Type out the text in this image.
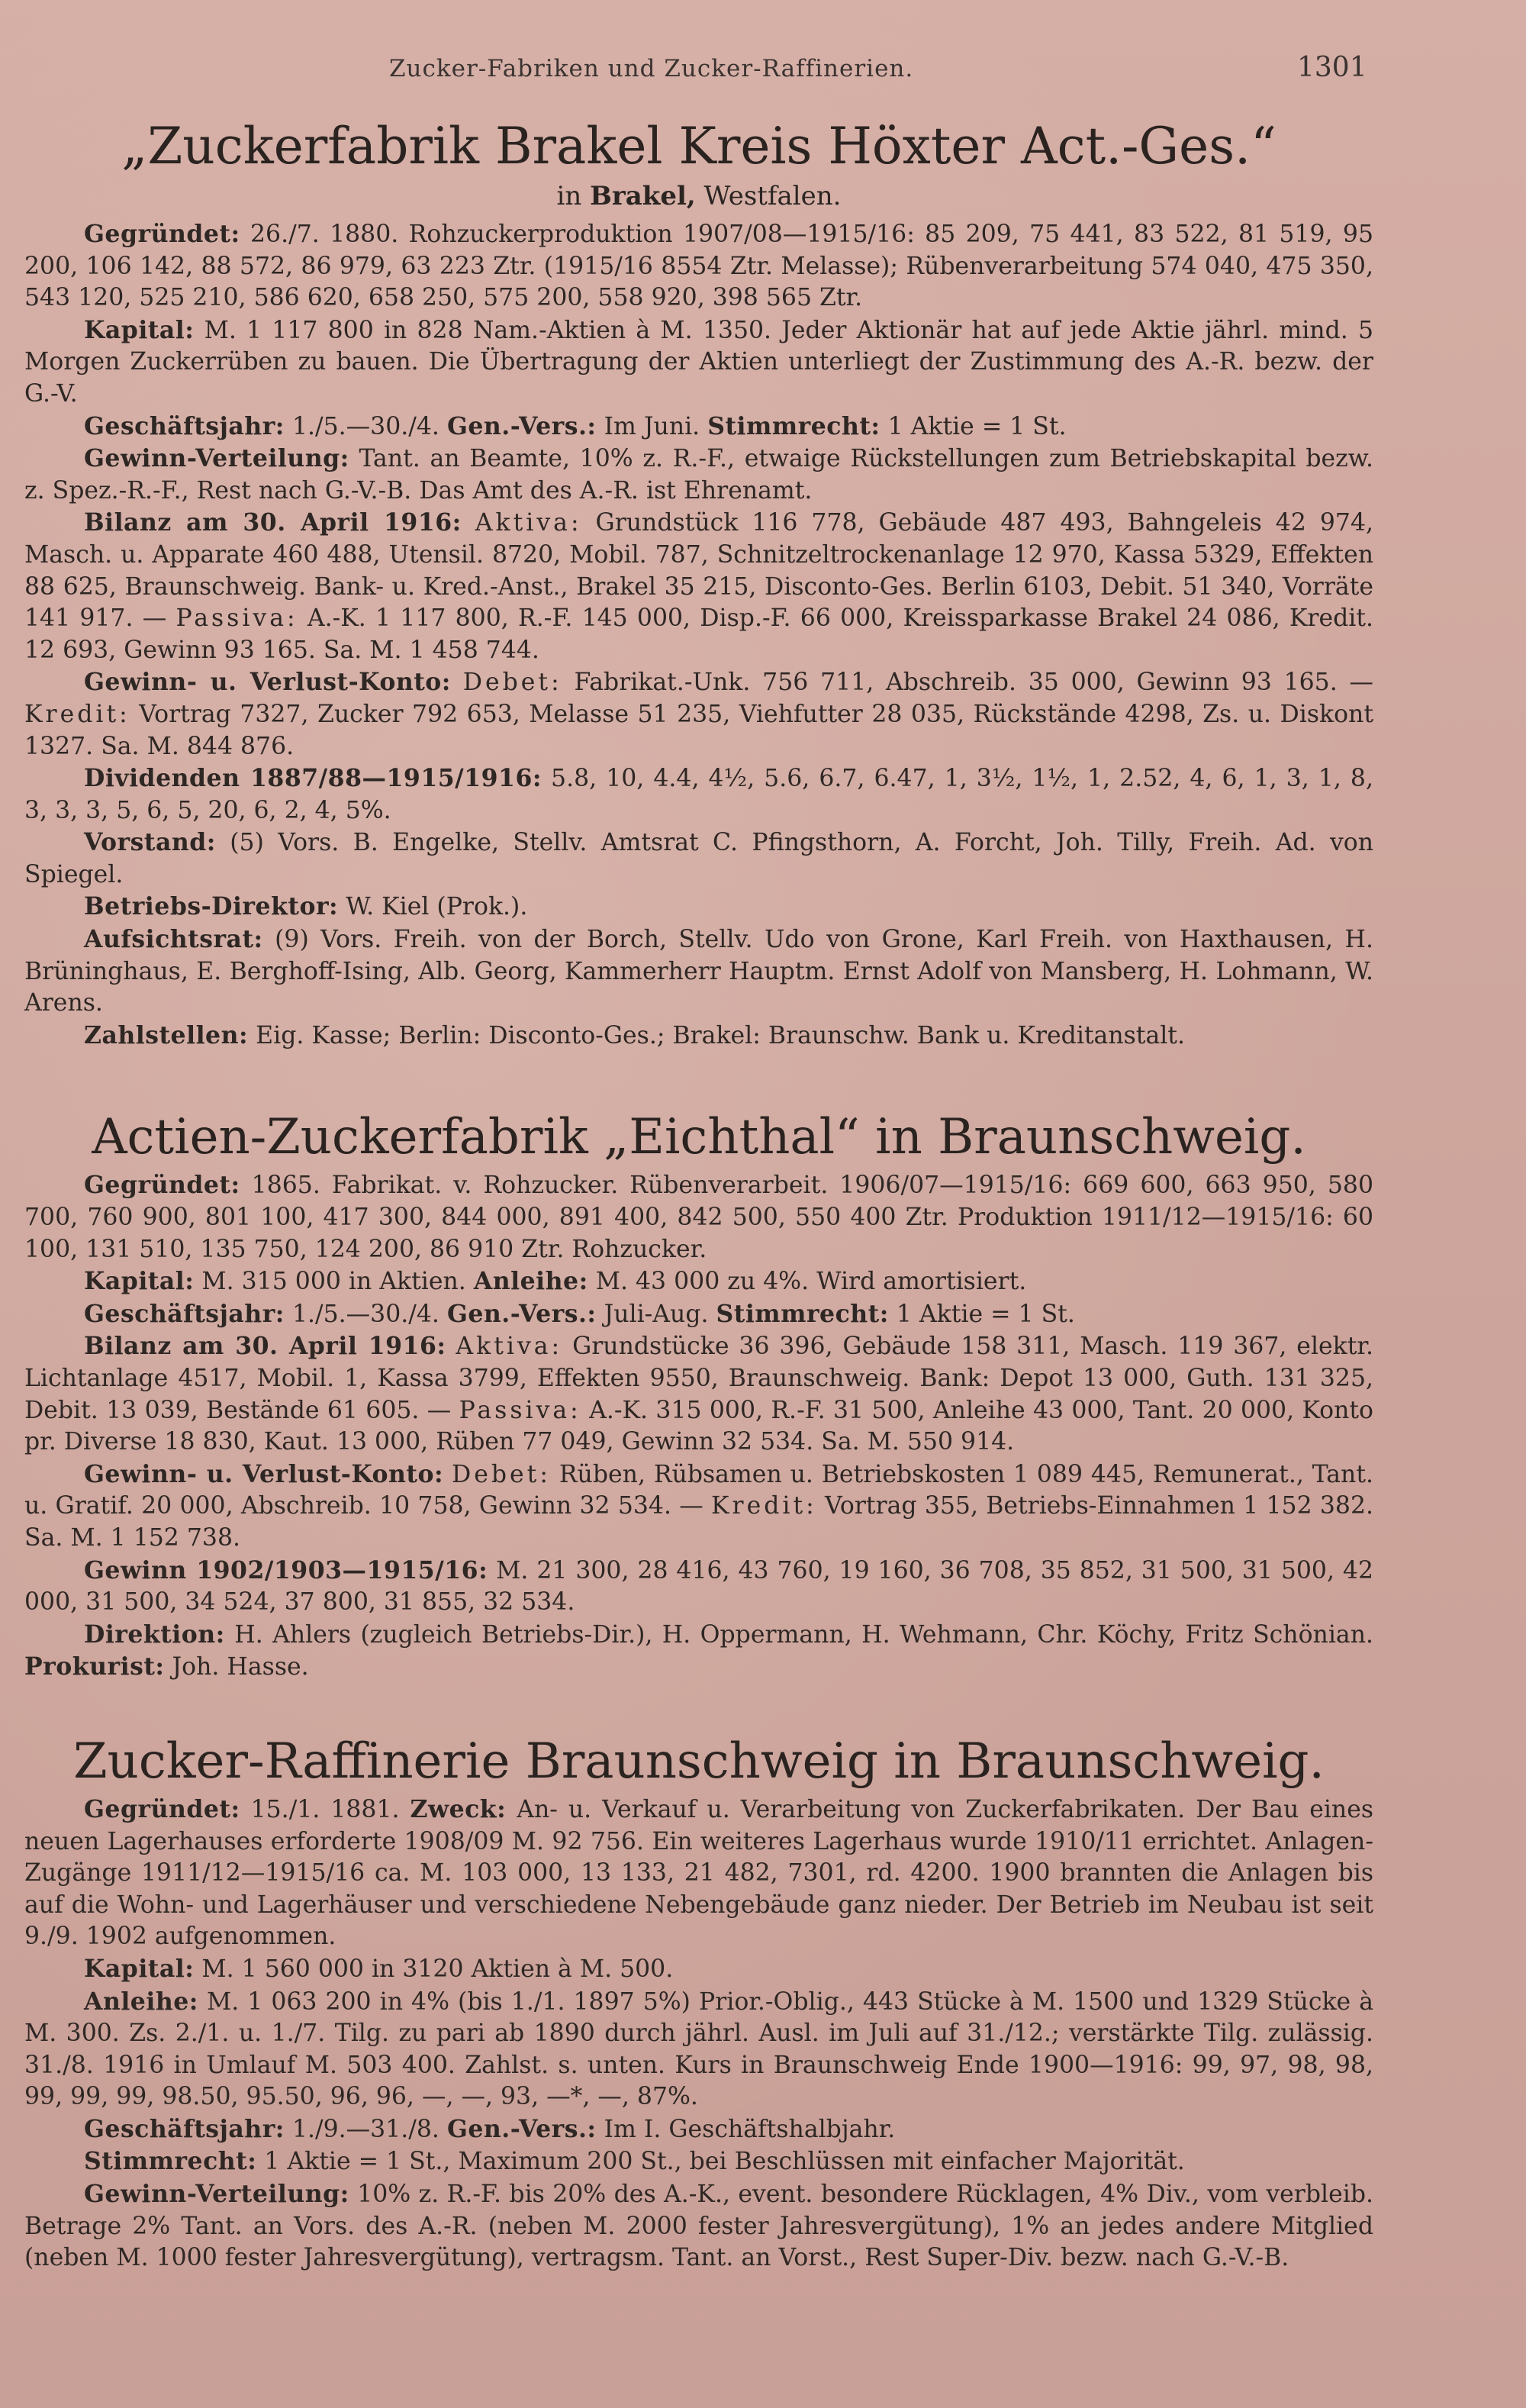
Zucker-Fabriken und Zucker-Raffinerien.	1301
„Zuckerfabrik Brakel Kreis Höxter Act.-Ges.“
in Brakel, Westfalen.

Gegründet: 26./7. 1880. Rohzuckerproduktion 1907/08—1915/16: 85 209, 75 441, 83 522, 81 519, 95 200, 106 142, 88 572, 86 979, 63 223 Ztr. (1915/16 8554 Ztr. Melasse); Rübenverarbeitung 574 040, 475 350, 543 120, 525 210, 586 620, 658 250, 575 200, 558 920, 398 565 Ztr.

Kapital: M. 1 117 800 in 828 Nam.-Aktien à M. 1350. Jeder Aktionär hat auf jede Aktie jährl. mind. 5 Morgen Zuckerrüben zu bauen. Die Übertragung der Aktien unterliegt der Zustimmung des A.-R. bezw. der G.-V.

Geschäftsjahr: 1./5.—30./4. Gen.-Vers.: Im Juni. Stimmrecht: 1 Aktie = 1 St.

Gewinn-Verteilung: Tant. an Beamte, 10% z. R.-F., etwaige Rückstellungen zum Betriebskapital bezw. z. Spez.-R.-F., Rest nach G.-V.-B. Das Amt des A.-R. ist Ehrenamt.

Bilanz am 30. April 1916: Aktiva: Grundstück 116 778, Gebäude 487 493, Bahngeleis 42 974, Masch. u. Apparate 460 488, Utensil. 8720, Mobil. 787, Schnitzeltrockenanlage 12 970, Kassa 5329, Effekten 88 625, Braunschweig. Bank- u. Kred.-Anst., Brakel 35 215, Disconto-Ges. Berlin 6103, Debit. 51 340, Vorräte 141 917. — Passiva: A.-K. 1 117 800, R.-F. 145 000, Disp.-F. 66 000, Kreissparkasse Brakel 24 086, Kredit. 12 693, Gewinn 93 165. Sa. M. 1 458 744.

Gewinn- u. Verlust-Konto: Debet: Fabrikat.-Unk. 756 711, Abschreib. 35 000, Gewinn 93 165. — Kredit: Vortrag 7327, Zucker 792 653, Melasse 51 235, Viehfutter 28 035, Rückstände 4298, Zs. u. Diskont 1327. Sa. M. 844 876.

Dividenden 1887/88—1915/1916: 5.8, 10, 4.4, 4½, 5.6, 6.7, 6.47, 1, 3½, 1½, 1, 2.52, 4, 6, 1, 3, 1, 8, 3, 3, 3, 5, 6, 5, 20, 6, 2, 4, 5%.

Vorstand: (5) Vors. B. Engelke, Stellv. Amtsrat C. Pfingsthorn, A. Forcht, Joh. Tilly, Freih. Ad. von Spiegel.

Betriebs-Direktor: W. Kiel (Prok.).

Aufsichtsrat: (9) Vors. Freih. von der Borch, Stellv. Udo von Grone, Karl Freih. von Haxthausen, H. Brüninghaus, E. Berghoff-Ising, Alb. Georg, Kammerherr Hauptm. Ernst Adolf von Mansberg, H. Lohmann, W. Arens.

Zahlstellen: Eig. Kasse; Berlin: Disconto-Ges.; Brakel: Braunschw. Bank u. Kreditanstalt.

Actien-Zuckerfabrik „Eichthal“ in Braunschweig.

Gegründet: 1865. Fabrikat. v. Rohzucker. Rübenverarbeit. 1906/07—1915/16: 669 600, 663 950, 580 700, 760 900, 801 100, 417 300, 844 000, 891 400, 842 500, 550 400 Ztr. Produktion 1911/12—1915/16: 60 100, 131 510, 135 750, 124 200, 86 910 Ztr. Rohzucker.

Kapital: M. 315 000 in Aktien. Anleihe: M. 43 000 zu 4%. Wird amortisiert.

Geschäftsjahr: 1./5.—30./4. Gen.-Vers.: Juli-Aug. Stimmrecht: 1 Aktie = 1 St.

Bilanz am 30. April 1916: Aktiva: Grundstücke 36 396, Gebäude 158 311, Masch. 119 367, elektr. Lichtanlage 4517, Mobil. 1, Kassa 3799, Effekten 9550, Braunschweig. Bank: Depot 13 000, Guth. 131 325, Debit. 13 039, Bestände 61 605. — Passiva: A.-K. 315 000, R.-F. 31 500, Anleihe 43 000, Tant. 20 000, Konto pr. Diverse 18 830, Kaut. 13 000, Rüben 77 049, Gewinn 32 534. Sa. M. 550 914.

Gewinn- u. Verlust-Konto: Debet: Rüben, Rübsamen u. Betriebskosten 1 089 445, Remunerat., Tant. u. Gratif. 20 000, Abschreib. 10 758, Gewinn 32 534. — Kredit: Vortrag 355, Betriebs-Einnahmen 1 152 382. Sa. M. 1 152 738.

Gewinn 1902/1903—1915/16: M. 21 300, 28 416, 43 760, 19 160, 36 708, 35 852, 31 500, 31 500, 42 000, 31 500, 34 524, 37 800, 31 855, 32 534.

Direktion: H. Ahlers (zugleich Betriebs-Dir.), H. Oppermann, H. Wehmann, Chr. Köchy, Fritz Schönian. Prokurist: Joh. Hasse.

Zucker-Raffinerie Braunschweig in Braunschweig.

Gegründet: 15./1. 1881. Zweck: An- u. Verkauf u. Verarbeitung von Zuckerfabrikaten. Der Bau eines neuen Lagerhauses erforderte 1908/09 M. 92 756. Ein weiteres Lagerhaus wurde 1910/11 errichtet. Anlagen-Zugänge 1911/12—1915/16 ca. M. 103 000, 13 133, 21 482, 7301, rd. 4200. 1900 brannten die Anlagen bis auf die Wohn- und Lagerhäuser und verschiedene Nebengebäude ganz nieder. Der Betrieb im Neubau ist seit 9./9. 1902 aufgenommen.

Kapital: M. 1 560 000 in 3120 Aktien à M. 500.

Anleihe: M. 1 063 200 in 4% (bis 1./1. 1897 5%) Prior.-Oblig., 443 Stücke à M. 1500 und 1329 Stücke à M. 300. Zs. 2./1. u. 1./7. Tilg. zu pari ab 1890 durch jährl. Ausl. im Juli auf 31./12.; verstärkte Tilg. zulässig. 31./8. 1916 in Umlauf M. 503 400. Zahlst. s. unten. Kurs in Braunschweig Ende 1900—1916: 99, 97, 98, 98, 99, 99, 99, 98.50, 95.50, 96, 96, —, —, 93, —*, —, 87%.

Geschäftsjahr: 1./9.—31./8. Gen.-Vers.: Im I. Geschäftshalbjahr.

Stimmrecht: 1 Aktie = 1 St., Maximum 200 St., bei Beschlüssen mit einfacher Majorität.

Gewinn-Verteilung: 10% z. R.-F. bis 20% des A.-K., event. besondere Rücklagen, 4% Div., vom verbleib. Betrage 2% Tant. an Vors. des A.-R. (neben M. 2000 fester Jahresvergütung), 1% an jedes andere Mitglied (neben M. 1000 fester Jahresvergütung), vertragsm. Tant. an Vorst., Rest Super-Div. bezw. nach G.-V.-B.
